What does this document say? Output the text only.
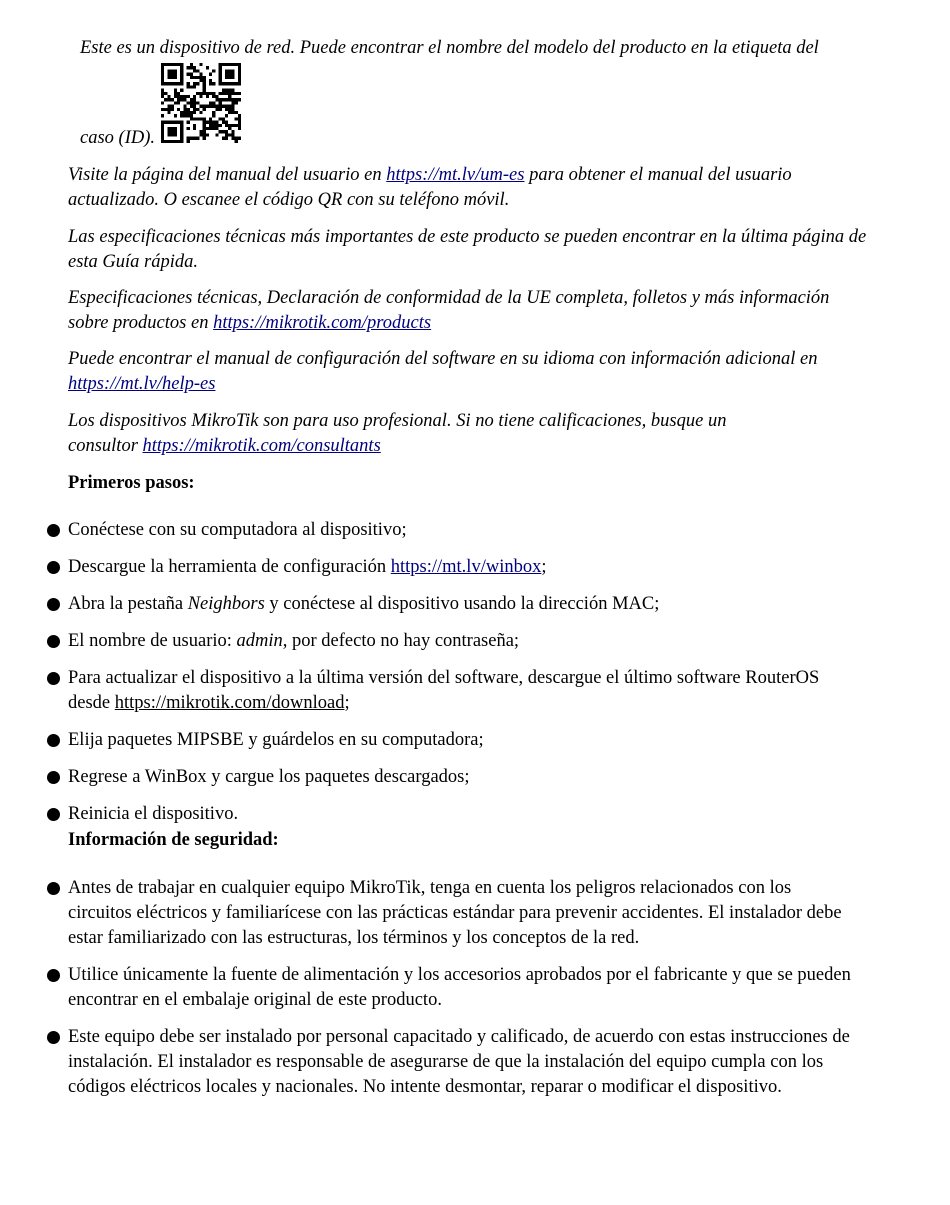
Este es un dispositivo de red. Puede encontrar el nombre del modelo del producto en la etiqueta del
caso (ID).
Visite la página del manual del usuario en https://mt.lv/um-es para obtener el manual del usuario actualizado. O escanee el código QR con su teléfono móvil.
Las especificaciones técnicas más importantes de este producto se pueden encontrar en la última página de esta Guía rápida.
Especificaciones técnicas, Declaración de conformidad de la UE completa, folletos y más información sobre productos en https://mikrotik.com/products
Puede encontrar el manual de configuración del software en su idioma con información adicional en https://mt.lv/help-es
Los dispositivos MikroTik son para uso profesional. Si no tiene calificaciones, busque un consultor https://mikrotik.com/consultants
Primeros pasos:
Conéctese con su computadora al dispositivo;
Descargue la herramienta de configuración https://mt.lv/winbox;
Abra la pestaña Neighbors y conéctese al dispositivo usando la dirección MAC;
El nombre de usuario: admin, por defecto no hay contraseña;
Para actualizar el dispositivo a la última versión del software, descargue el último software RouterOS desde https://mikrotik.com/download;
Elija paquetes MIPSBE y guárdelos en su computadora;
Regrese a WinBox y cargue los paquetes descargados;
Reinicia el dispositivo.
Información de seguridad:
Antes de trabajar en cualquier equipo MikroTik, tenga en cuenta los peligros relacionados con los circuitos eléctricos y familiarícese con las prácticas estándar para prevenir accidentes. El instalador debe estar familiarizado con las estructuras, los términos y los conceptos de la red.
Utilice únicamente la fuente de alimentación y los accesorios aprobados por el fabricante y que se pueden encontrar en el embalaje original de este producto.
Este equipo debe ser instalado por personal capacitado y calificado, de acuerdo con estas instrucciones de instalación. El instalador es responsable de asegurarse de que la instalación del equipo cumpla con los códigos eléctricos locales y nacionales. No intente desmontar, reparar o modificar el dispositivo.
